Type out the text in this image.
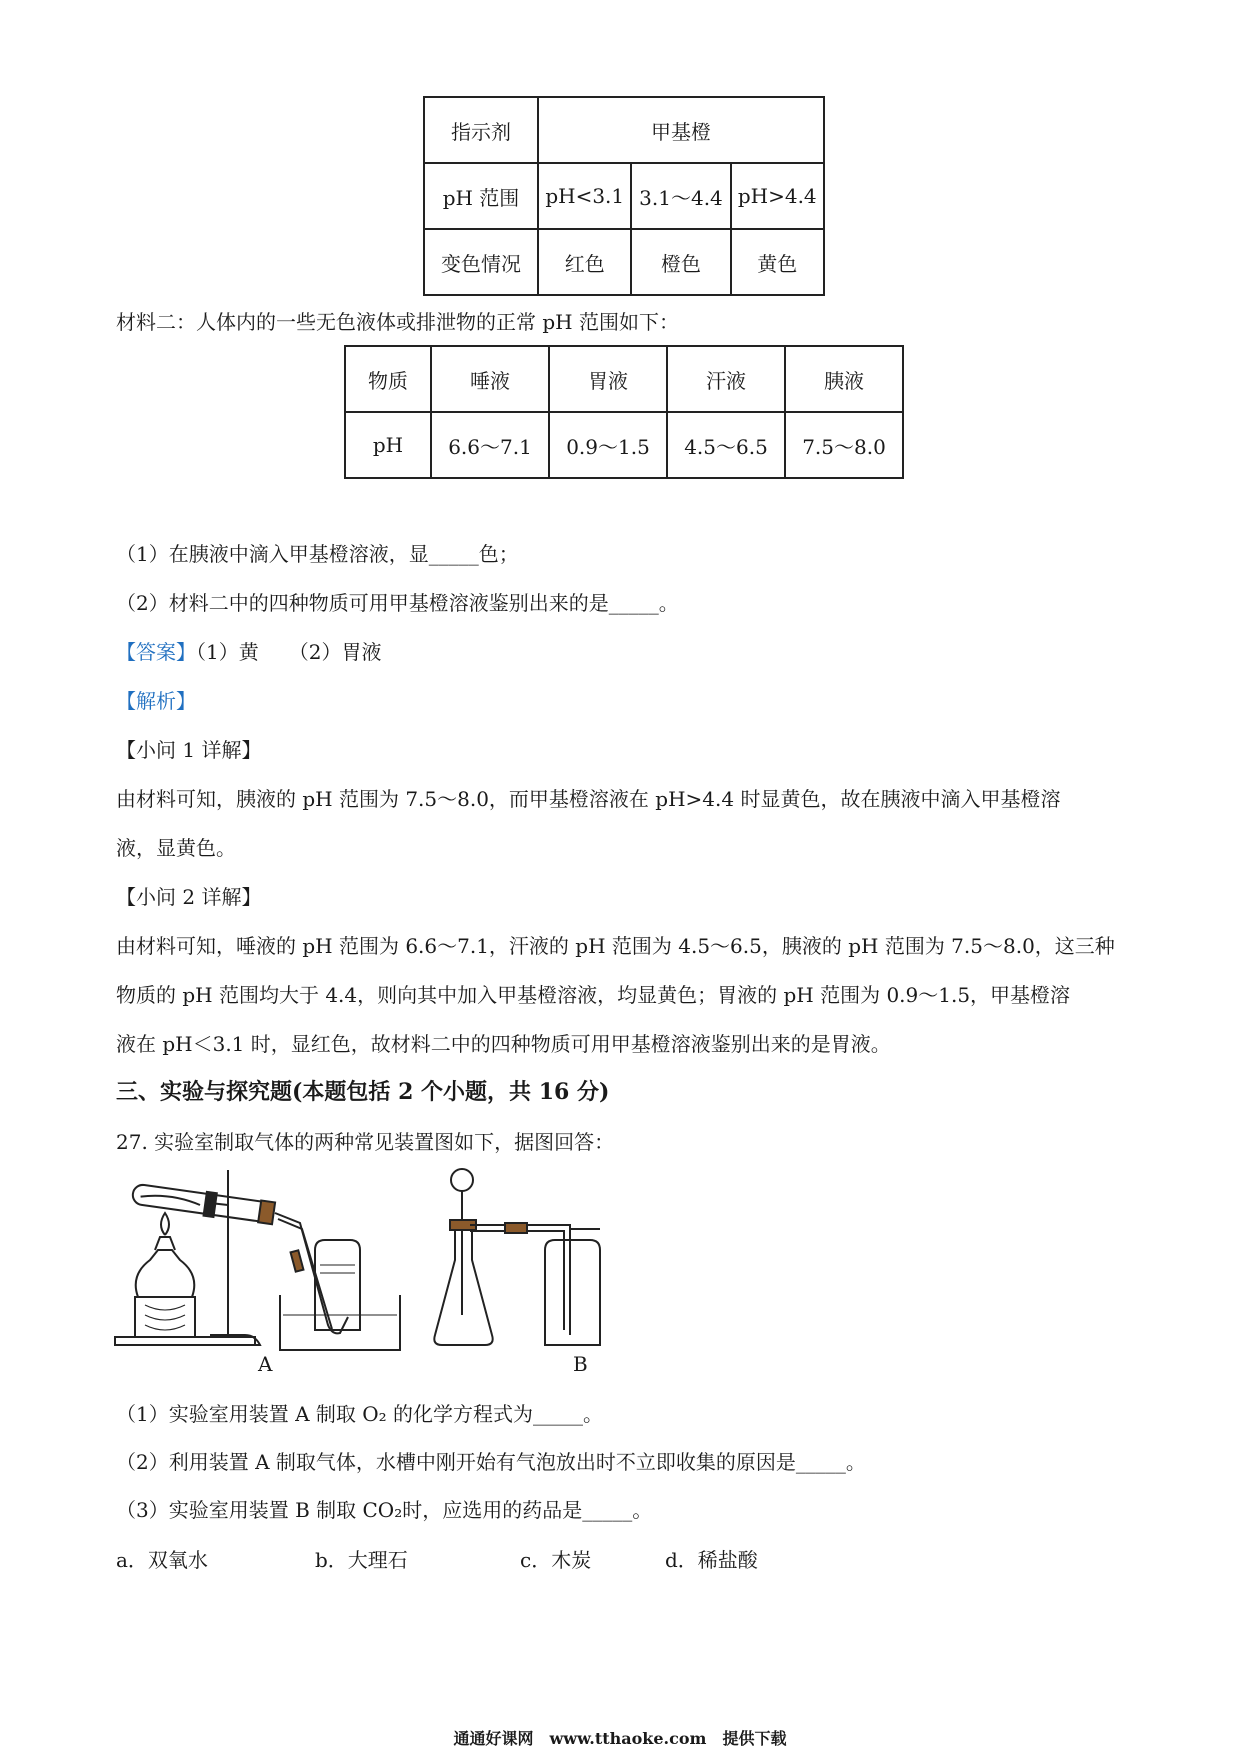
指示剂	甲基橙		
pH 范围	pH<3.1	3.1～4.4	pH>4.4
变色情况	红色	橙色	黄色
材料二：人体内的一些无色液体或排泄物的正常 pH 范围如下：
物质	唾液	胃液	汗液	胰液
pH	6.6～7.1	0.9～1.5	4.5～6.5	7.5～8.0
（1）在胰液中滴入甲基橙溶液，显_____色；
（2）材料二中的四种物质可用甲基橙溶液鉴别出来的是_____。
【答案】（1）黄　　（2）胃液
【解析】
【小问 1 详解】
由材料可知，胰液的 pH 范围为 7.5～8.0，而甲基橙溶液在 pH>4.4 时显黄色，故在胰液中滴入甲基橙溶
液，显黄色。
【小问 2 详解】
由材料可知，唾液的 pH 范围为 6.6～7.1，汗液的 pH 范围为 4.5～6.5，胰液的 pH 范围为 7.5～8.0，这三种
物质的 pH 范围均大于 4.4，则向其中加入甲基橙溶液，均显黄色；胃液的 pH 范围为 0.9～1.5，甲基橙溶
液在 pH＜3.1 时，显红色，故材料二中的四种物质可用甲基橙溶液鉴别出来的是胃液。
三、实验与探究题(本题包括 2 个小题，共 16 分)
27. 实验室制取气体的两种常见装置图如下，据图回答：
A	B
（1）实验室用装置 A 制取 O₂ 的化学方程式为_____。
（2）利用装置 A 制取气体，水槽中刚开始有气泡放出时不立即收集的原因是_____。
（3）实验室用装置 B 制取 CO₂时，应选用的药品是_____。
a．双氧水	b．大理石	c．木炭	d．稀盐酸
通通好课网　www.tthaoke.com　提供下载
